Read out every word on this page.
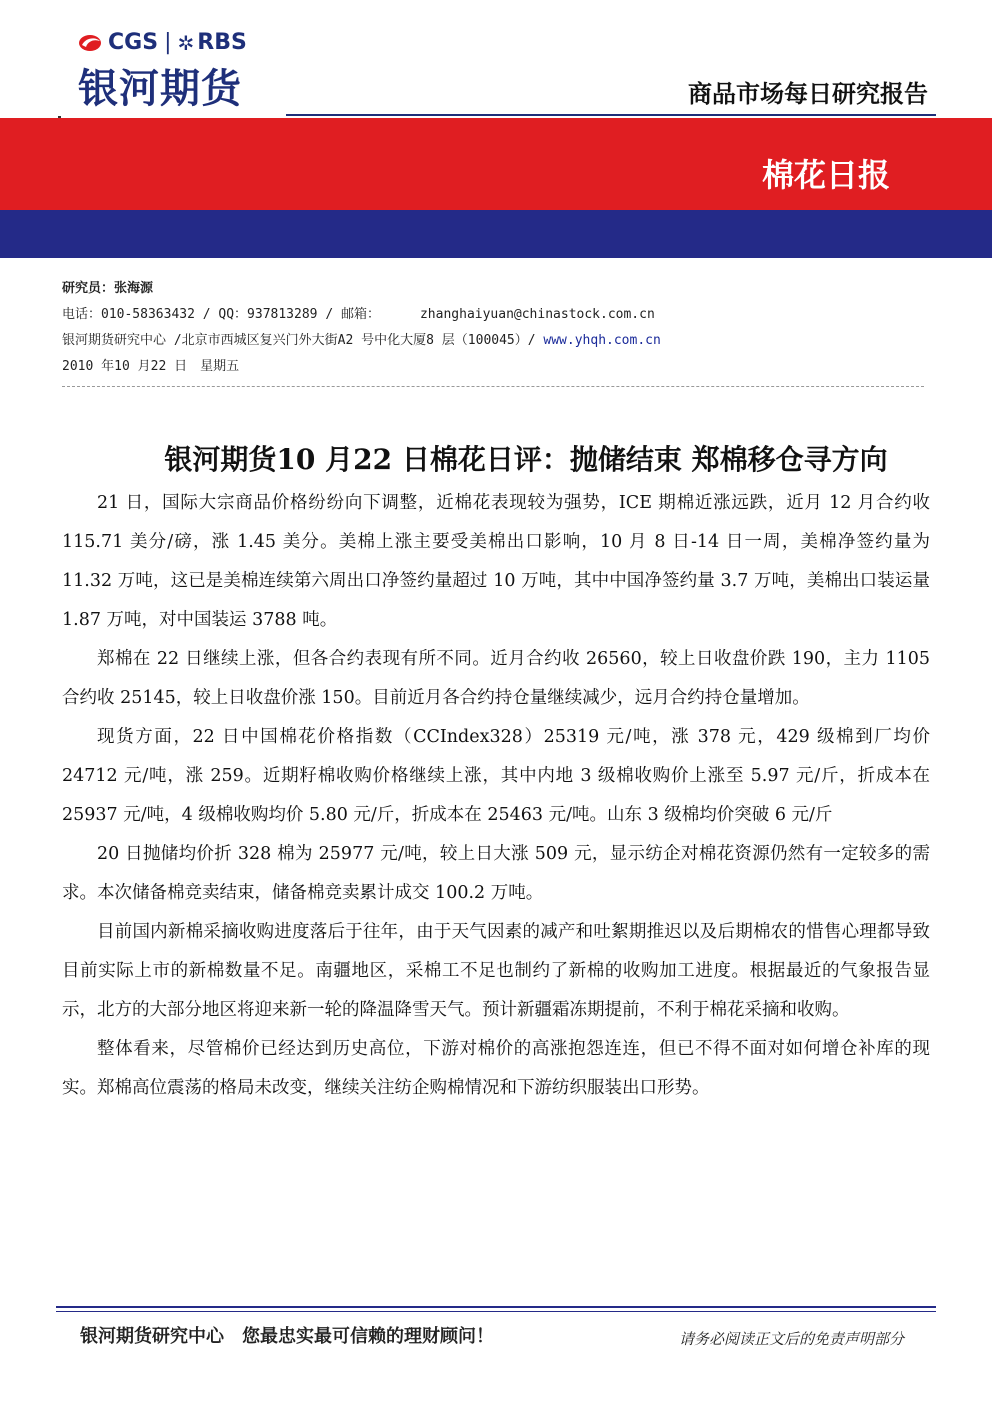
CGS | ✲ RBS
银河期货	商品市场每日研究报告
棉花日报
研究员：张海源
电话：010-58363432 / QQ：937813289 / 邮箱：	zhanghaiyuan@chinastock.com.cn
银河期货研究中心 /北京市西城区复兴门外大街A2 号中化大厦8 层（100045）/ www.yhqh.com.cn
2010 年10 月22 日　星期五
银河期货10 月22 日棉花日评：抛储结束 郑棉移仓寻方向

21 日，国际大宗商品价格纷纷向下调整，近棉花表现较为强势，ICE 期棉近涨远跌，近月 12 月合约收 115.71 美分/磅，涨 1.45 美分。美棉上涨主要受美棉出口影响，10 月 8 日-14 日一周，美棉净签约量为 11.32 万吨，这已是美棉连续第六周出口净签约量超过 10 万吨，其中中国净签约量 3.7 万吨，美棉出口装运量 1.87 万吨，对中国装运 3788 吨。

郑棉在 22 日继续上涨，但各合约表现有所不同。近月合约收 26560，较上日收盘价跌 190，主力 1105 合约收 25145，较上日收盘价涨 150。目前近月各合约持仓量继续减少，远月合约持仓量增加。

现货方面，22 日中国棉花价格指数（CCIndex328）25319 元/吨，涨 378 元，429 级棉到厂均价 24712 元/吨，涨 259。近期籽棉收购价格继续上涨，其中内地 3 级棉收购价上涨至 5.97 元/斤，折成本在 25937 元/吨，4 级棉收购均价 5.80 元/斤，折成本在 25463 元/吨。山东 3 级棉均价突破 6 元/斤

20 日抛储均价折 328 棉为 25977 元/吨，较上日大涨 509 元，显示纺企对棉花资源仍然有一定较多的需求。本次储备棉竞卖结束，储备棉竞卖累计成交 100.2 万吨。

目前国内新棉采摘收购进度落后于往年，由于天气因素的减产和吐絮期推迟以及后期棉农的惜售心理都导致目前实际上市的新棉数量不足。南疆地区，采棉工不足也制约了新棉的收购加工进度。根据最近的气象报告显示，北方的大部分地区将迎来新一轮的降温降雪天气。预计新疆霜冻期提前，不利于棉花采摘和收购。

整体看来，尽管棉价已经达到历史高位，下游对棉价的高涨抱怨连连，但已不得不面对如何增仓补库的现实。郑棉高位震荡的格局未改变，继续关注纺企购棉情况和下游纺织服装出口形势。

银河期货研究中心　您最忠实最可信赖的理财顾问！	请务必阅读正文后的免责声明部分
